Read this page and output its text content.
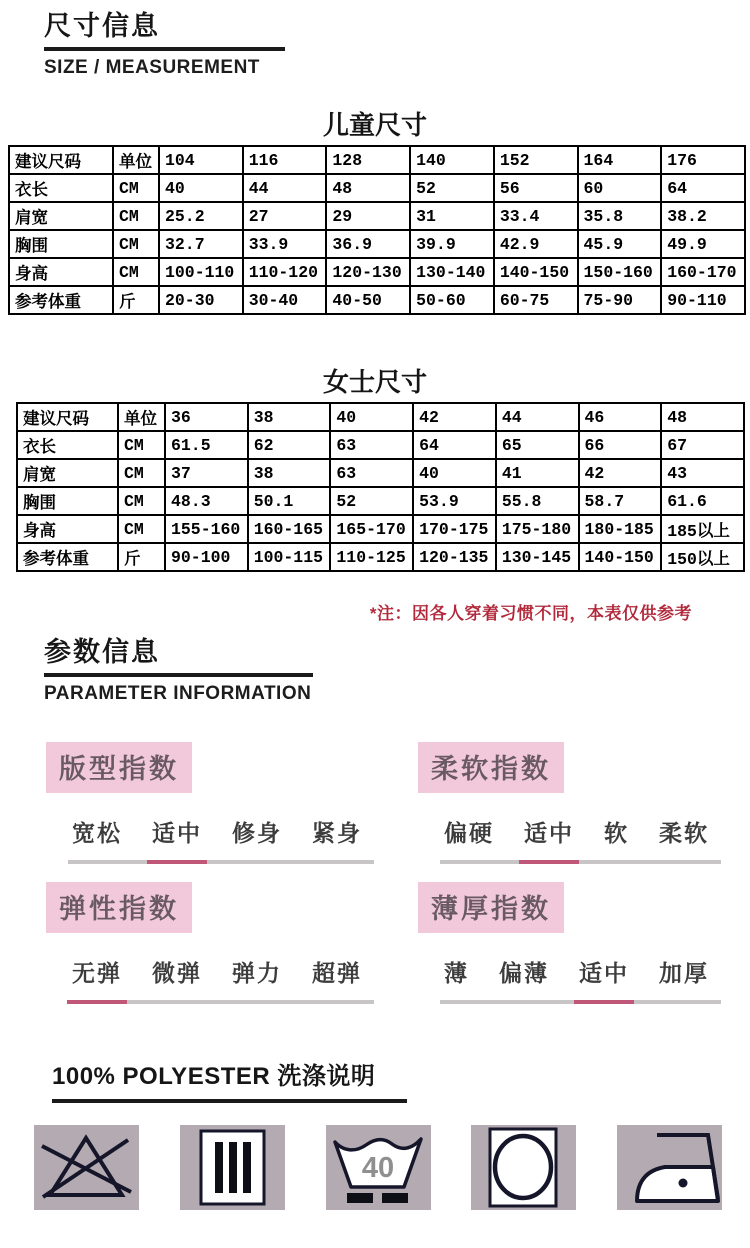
尺寸信息
SIZE / MEASUREMENT
儿童尺寸
建议尺码	单位	104	116	128	140	152	164	176
衣长	CM	40	44	48	52	56	60	64
肩宽	CM	25.2	27	29	31	33.4	35.8	38.2
胸围	CM	32.7	33.9	36.9	39.9	42.9	45.9	49.9
身高	CM	100-110	110-120	120-130	130-140	140-150	150-160	160-170
参考体重	斤	20-30	30-40	40-50	50-60	60-75	75-90	90-110
女士尺寸
建议尺码	单位	36	38	40	42	44	46	48
衣长	CM	61.5	62	63	64	65	66	67
肩宽	CM	37	38	63	40	41	42	43
胸围	CM	48.3	50.1	52	53.9	55.8	58.7	61.6
身高	CM	155-160	160-165	165-170	170-175	175-180	180-185	185以上
参考体重	斤	90-100	100-115	110-125	120-135	130-145	140-150	150以上
*注：因各人穿着习惯不同，本表仅供参考
参数信息
PARAMETER INFORMATION
版型指数
宽松 适中 修身 紧身
柔软指数
偏硬 适中 软 柔软
弹性指数
无弹 微弹 弹力 超弹
薄厚指数
薄 偏薄 适中 加厚
100% POLYESTER 洗涤说明
40
